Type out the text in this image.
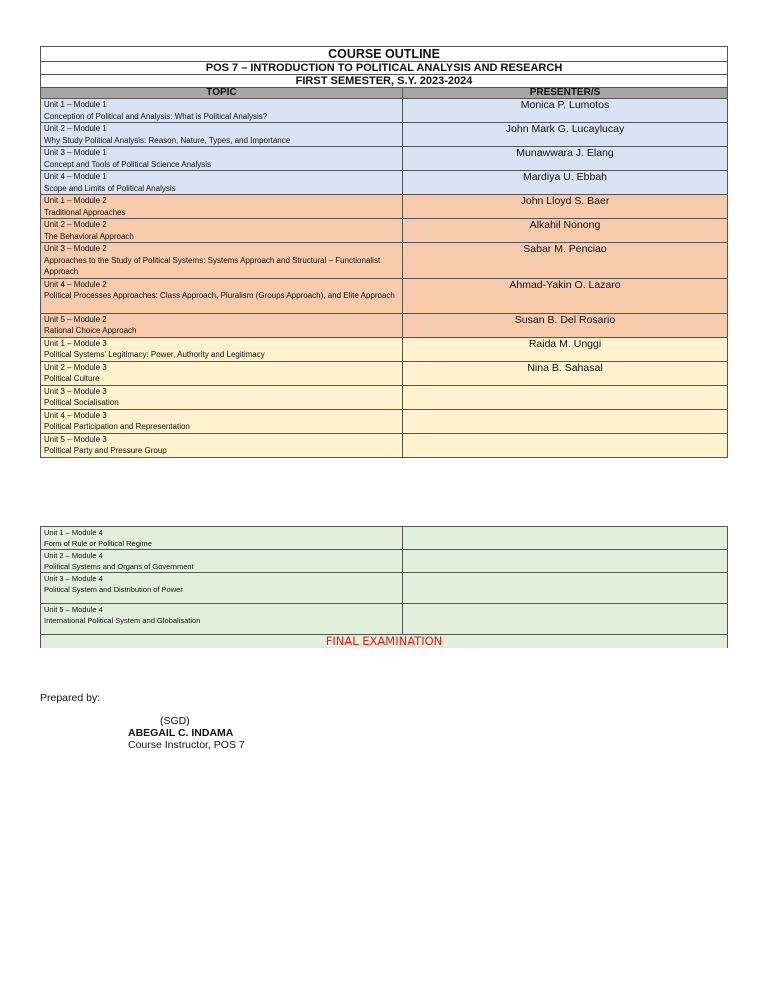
COURSE OUTLINE	
POS 7 – INTRODUCTION TO POLITICAL ANALYSIS AND RESEARCH	
FIRST SEMESTER, S.Y. 2023-2024	
TOPIC	PRESENTER/S

Unit 1 – Module 1
Conception of Political and Analysis: What is Political Analysis?	Monica P. Lumotos

Unit 2 – Module 1
Why Study Political Analysis: Reason, Nature, Types, and Importance	John Mark G. Lucaylucay

Unit 3 – Module 1
Concept and Tools of Political Science Analysis	Munawwara J. Elang

Unit 4 – Module 1
Scope and Limits of Political Analysis	Mardiya U. Ebbah

Unit 1 – Module 2
Traditional Approaches	John Lloyd S. Baer

Unit 2 – Module 2
The Behavioral Approach	Alkahil Nonong

Unit 3 – Module 2
Approaches to the Study of Political Systems: Systems Approach and Structural – Functionalist Approach	Sabar M. Penciao

Unit 4 – Module 2
Political Processes Approaches: Class Approach, Pluralism (Groups Approach), and Elite Approach	Ahmad-Yakin O. Lazaro

Unit 5 – Module 2
Rational Choice Approach	Susan B. Del Rosario

Unit 1 – Module 3
Political Systems' Legitimacy: Power, Authority and Legitimacy	Raida M. Unggi

Unit 2 – Module 3
Political Culture	Nina B. Sahasal

Unit 3 – Module 3
Political Socialisation	

Unit 4 – Module 3
Political Participation and Representation	

Unit 5 – Module 3
Political Party and Pressure Group	

Unit 1 – Module 4
Form of Rule or Political Regime	

Unit 2 – Module 4
Political Systems and Organs of Government	

Unit 3 – Module 4
Political System and Distribution of Power	

Unit 5 – Module 4
International Political System and Globalisation	

FINAL EXAMINATION	
Prepared by:
(SGD)
ABEGAIL C. INDAMA
Course Instructor, POS 7
